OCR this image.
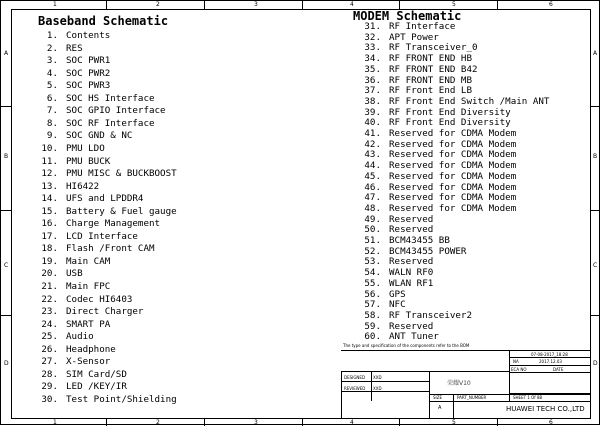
1	2	3	4	5	6
1	2	3	4	5	6
A
B
C
D
A
B
C
D
Baseband Schematic	MODEM Schematic
1. Contents
2. RES
3. SOC PWR1
4. SOC PWR2
5. SOC PWR3
6. SOC HS Interface
7. SOC GPIO Interface
8. SOC RF Interface
9. SOC GND & NC
10. PMU LDO
11. PMU BUCK
12. PMU MISC & BUCKBOOST
13. HI6422
14. UFS and LPDDR4
15. Battery & Fuel gauge
16. Charge Management
17. LCD Interface
18. Flash /Front CAM
19. Main CAM
20. USB
21. Main FPC
22. Codec HI6403
23. Direct Charger
24. SMART PA
25. Audio
26. Headphone
27. X-Sensor
28. SIM Card/SD
29. LED /KEY/IR
30. Test Point/Shielding
31. RF Interface
32. APT Power
33. RF Transceiver_0
34. RF FRONT END HB
35. RF FRONT END B42
36. RF FRONT END MB
37. RF Front End LB
38. RF Front End Switch /Main ANT
39. RF Front End Diversity
40. RF Front End Diversity
41. Reserved for CDMA Modem
42. Reserved for CDMA Modem
43. Reserved for CDMA Modem
44. Reserved for CDMA Modem
45. Reserved for CDMA Modem
46. Reserved for CDMA Modem
47. Reserved for CDMA Modem
48. Reserved for CDMA Modem
49. Reserved
50. Reserved
51. BCM43455 BB
52. BCM43455 POWER
53. Reserved
54. WALN RF0
55. WLAN RF1
56. GPS
57. NFC
58. RF Transceiver2
59. Reserved
60. ANT Tuner
The type and specification of the components refer to the BOM
07-08-2017_18:28
NA	2017.12.03
ECA NO	DATE
DESIGNED XXD
REVIEWED XXD
荣耀V10
SIZE	PART_NUMBER	SHEET 1 Of 88
A	HUAWEI TECH CO.,LTD
